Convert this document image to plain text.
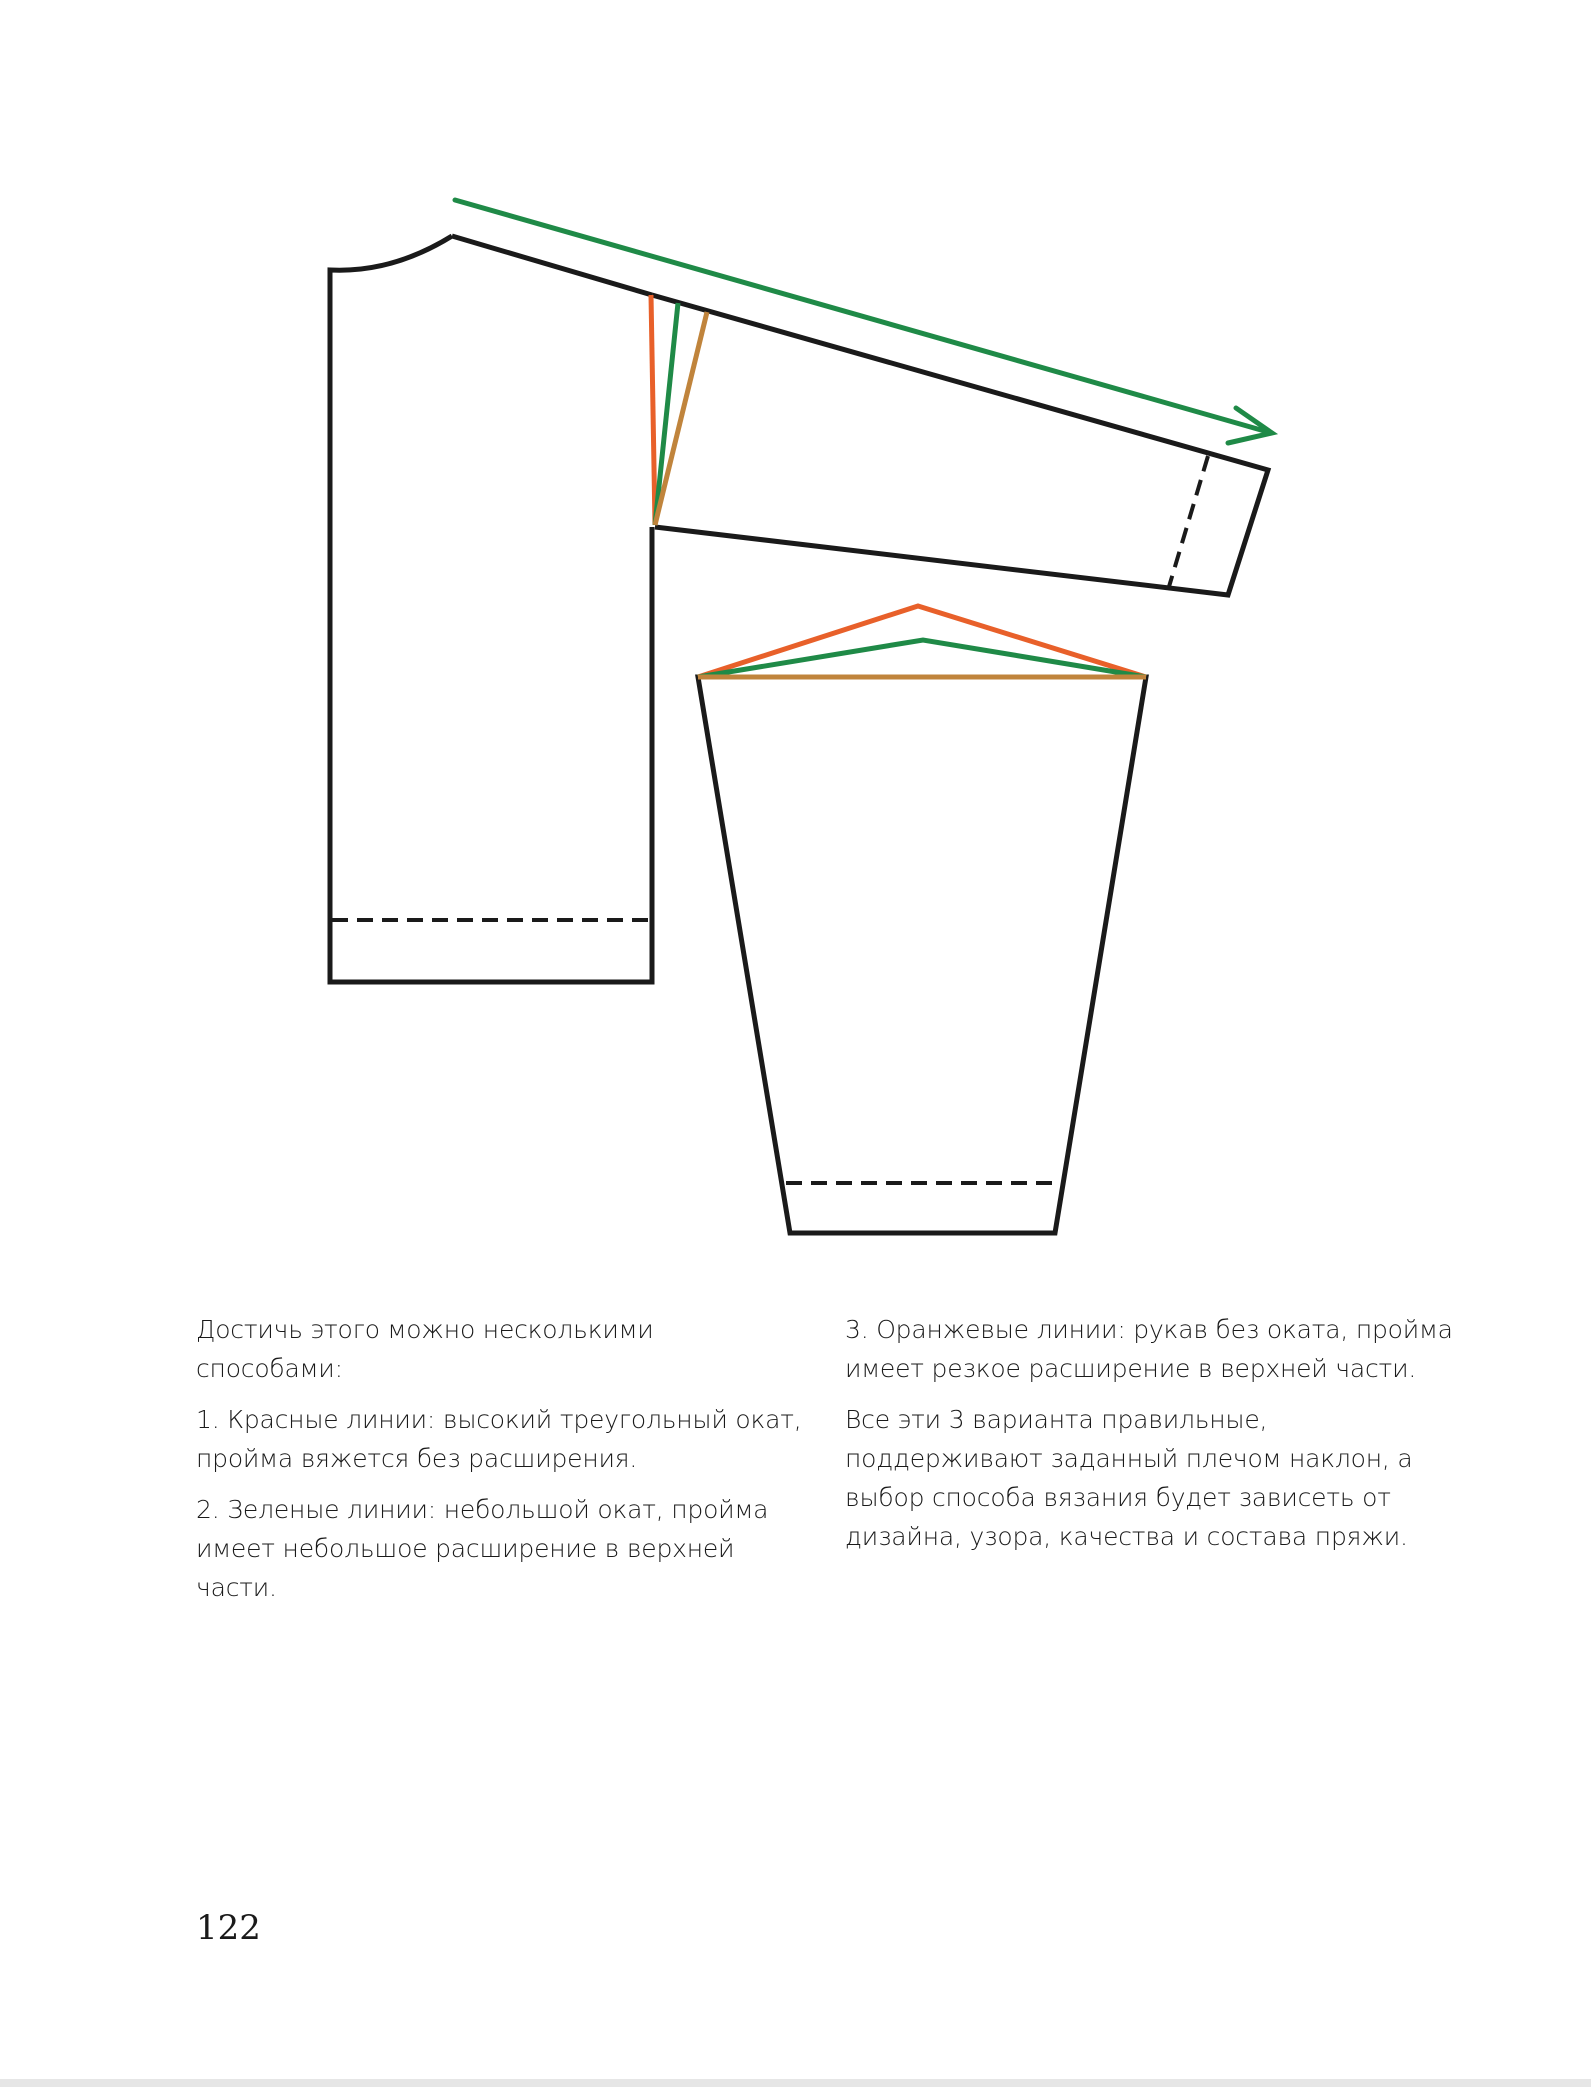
Достичь этого можно несколькими способами:

1. Красные линии: высокий треугольный окат, пройма вяжется без расширения.

2. Зеленые линии: небольшой окат, пройма имеет небольшое расширение в верхней части.

3. Оранжевые линии: рукав без оката, пройма имеет резкое расширение в верхней части.

Все эти 3 варианта правильные, поддерживают заданный плечом наклон, а выбор способа вязания будет зависеть от дизайна, узора, качества и состава пряжи.

122
